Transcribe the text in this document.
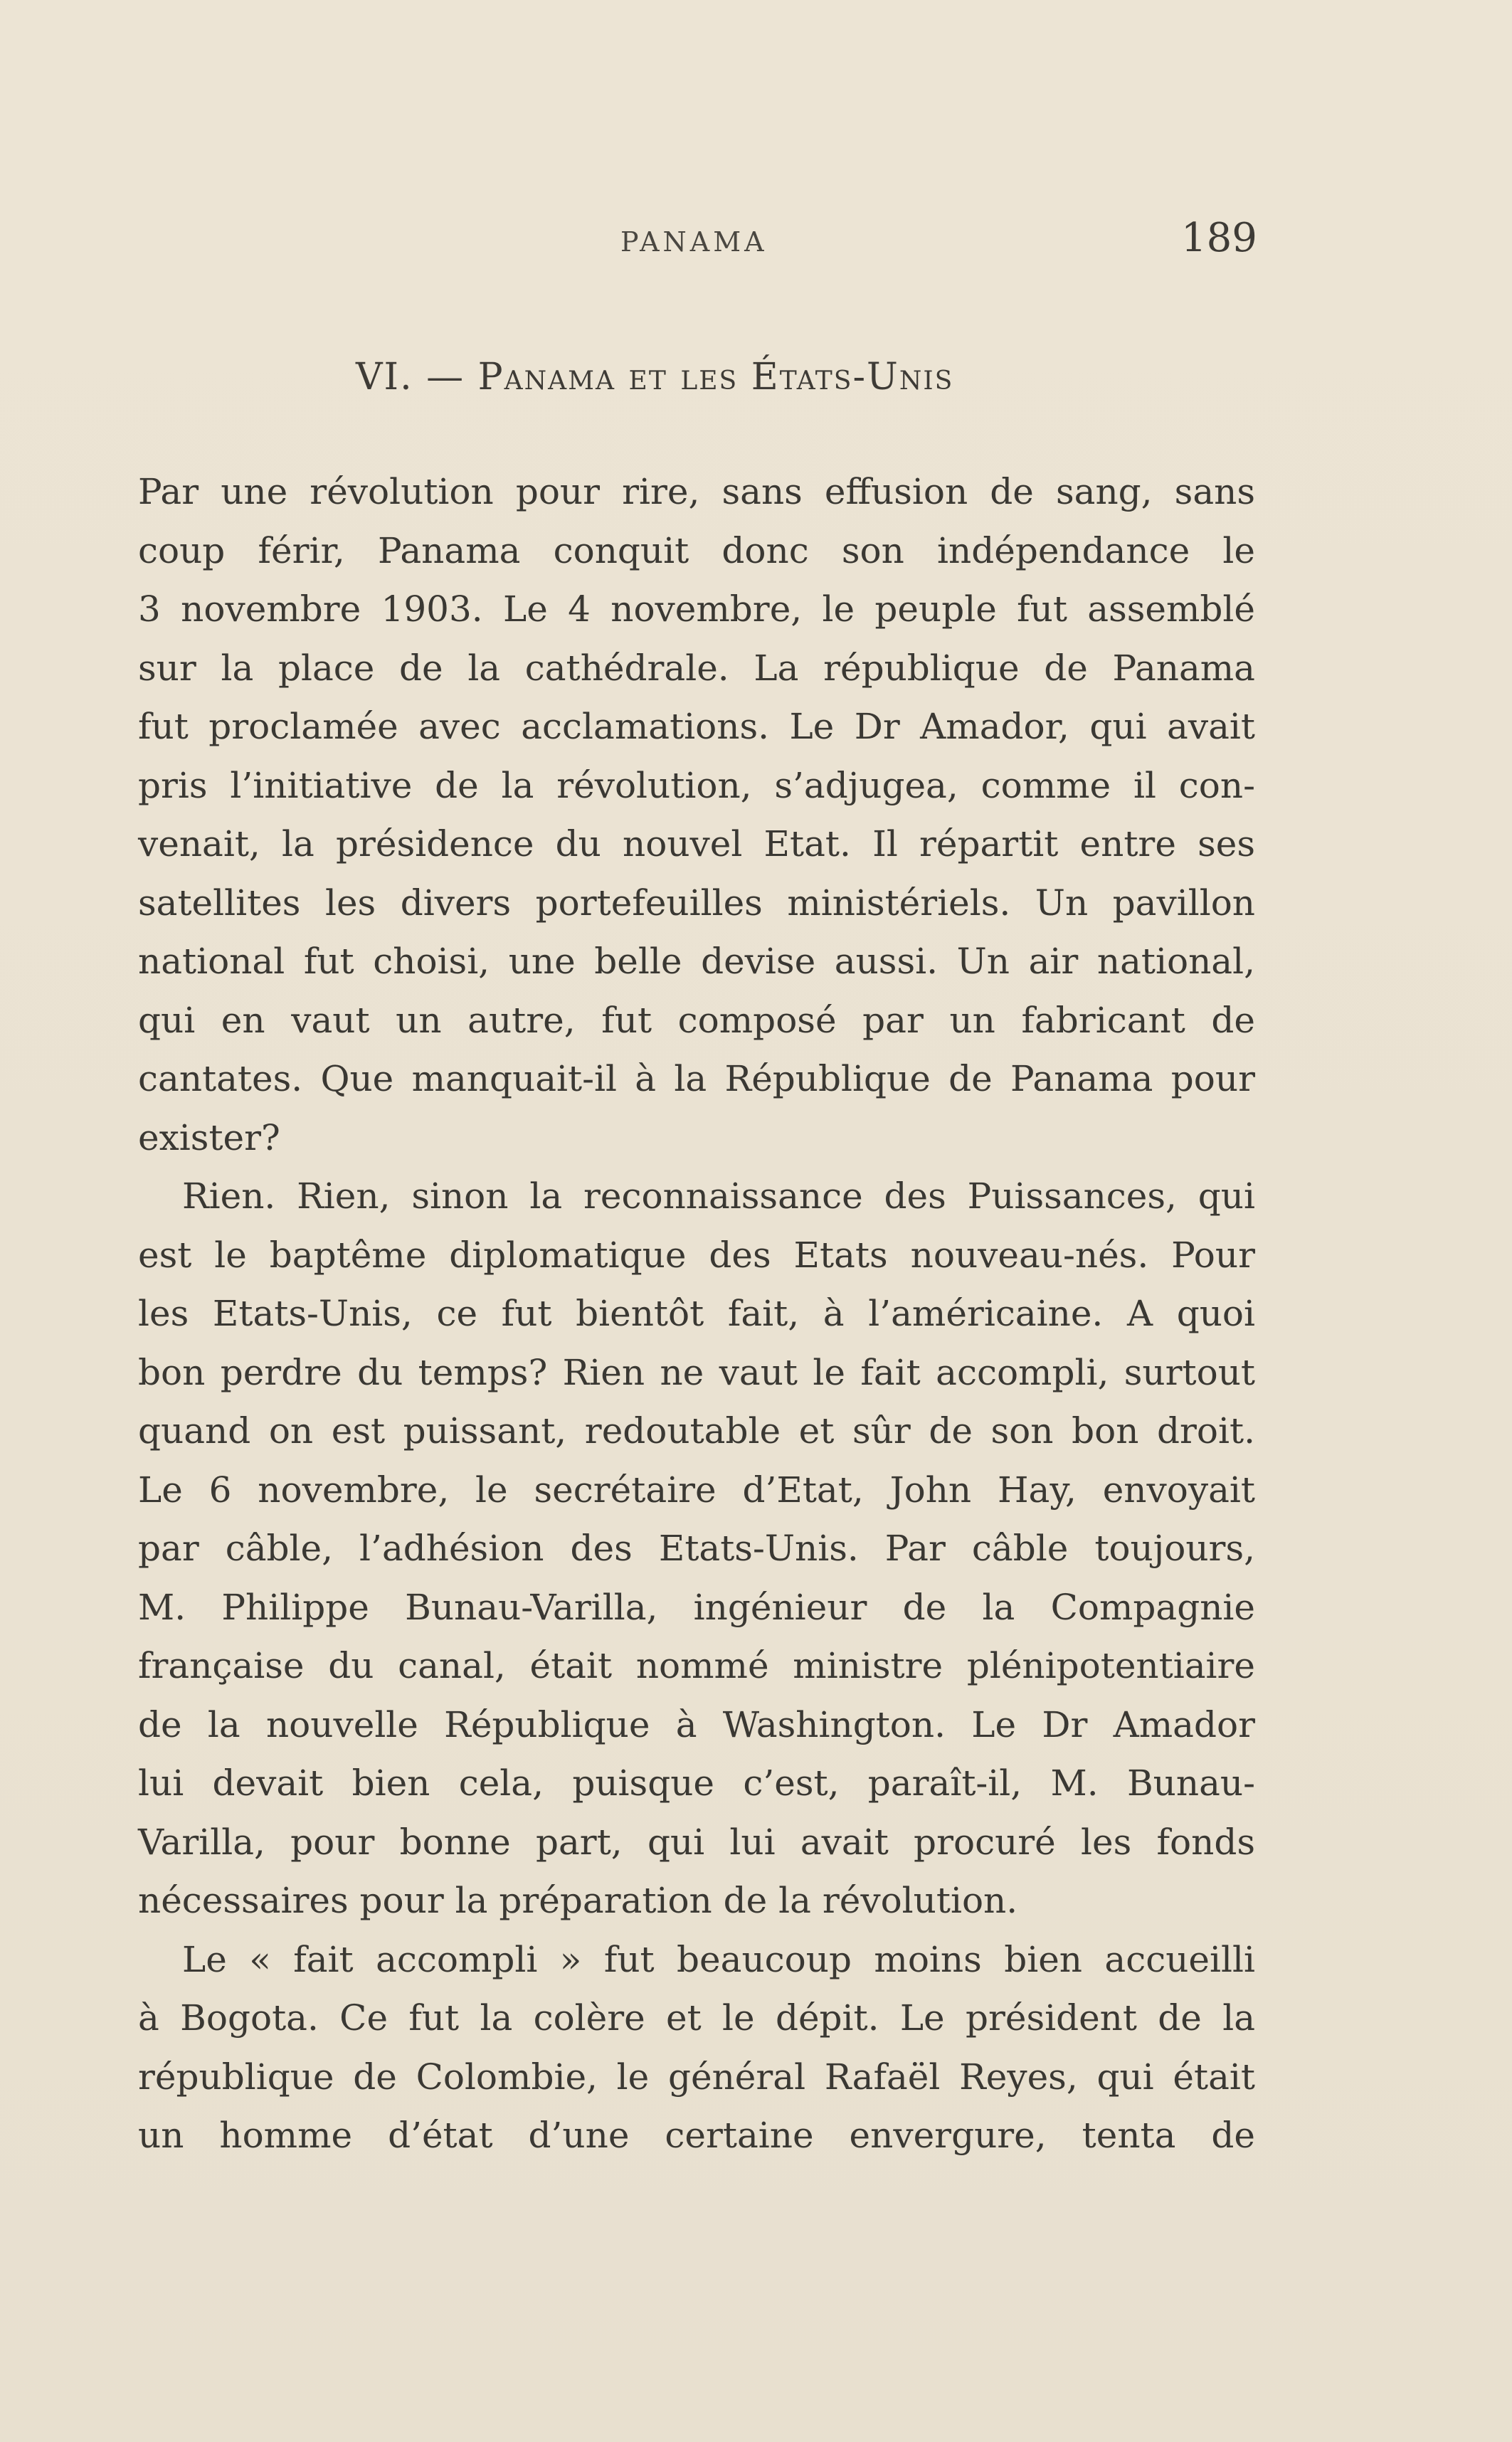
PANAMA	189
VI. — Panama et les États-Unis
Par une révolution pour rire, sans effusion de sang, sans
coup férir, Panama conquit donc son indépendance le
3 novembre 1903. Le 4 novembre, le peuple fut assemblé
sur la place de la cathédrale. La république de Panama
fut proclamée avec acclamations. Le Dr Amador, qui avait
pris l’initiative de la révolution, s’adjugea, comme il con-
venait, la présidence du nouvel Etat. Il répartit entre ses
satellites les divers portefeuilles ministériels. Un pavillon
national fut choisi, une belle devise aussi. Un air national,
qui en vaut un autre, fut composé par un fabricant de
cantates. Que manquait-il à la République de Panama pour
exister?
Rien. Rien, sinon la reconnaissance des Puissances, qui
est le baptême diplomatique des Etats nouveau-nés. Pour
les Etats-Unis, ce fut bientôt fait, à l’américaine. A quoi
bon perdre du temps? Rien ne vaut le fait accompli, surtout
quand on est puissant, redoutable et sûr de son bon droit.
Le 6 novembre, le secrétaire d’Etat, John Hay, envoyait
par câble, l’adhésion des Etats-Unis. Par câble toujours,
M. Philippe Bunau-Varilla, ingénieur de la Compagnie
française du canal, était nommé ministre plénipotentiaire
de la nouvelle République à Washington. Le Dr Amador
lui devait bien cela, puisque c’est, paraît-il, M. Bunau-
Varilla, pour bonne part, qui lui avait procuré les fonds
nécessaires pour la préparation de la révolution.
Le « fait accompli » fut beaucoup moins bien accueilli
à Bogota. Ce fut la colère et le dépit. Le président de la
république de Colombie, le général Rafaël Reyes, qui était
un homme d’état d’une certaine envergure, tenta de
